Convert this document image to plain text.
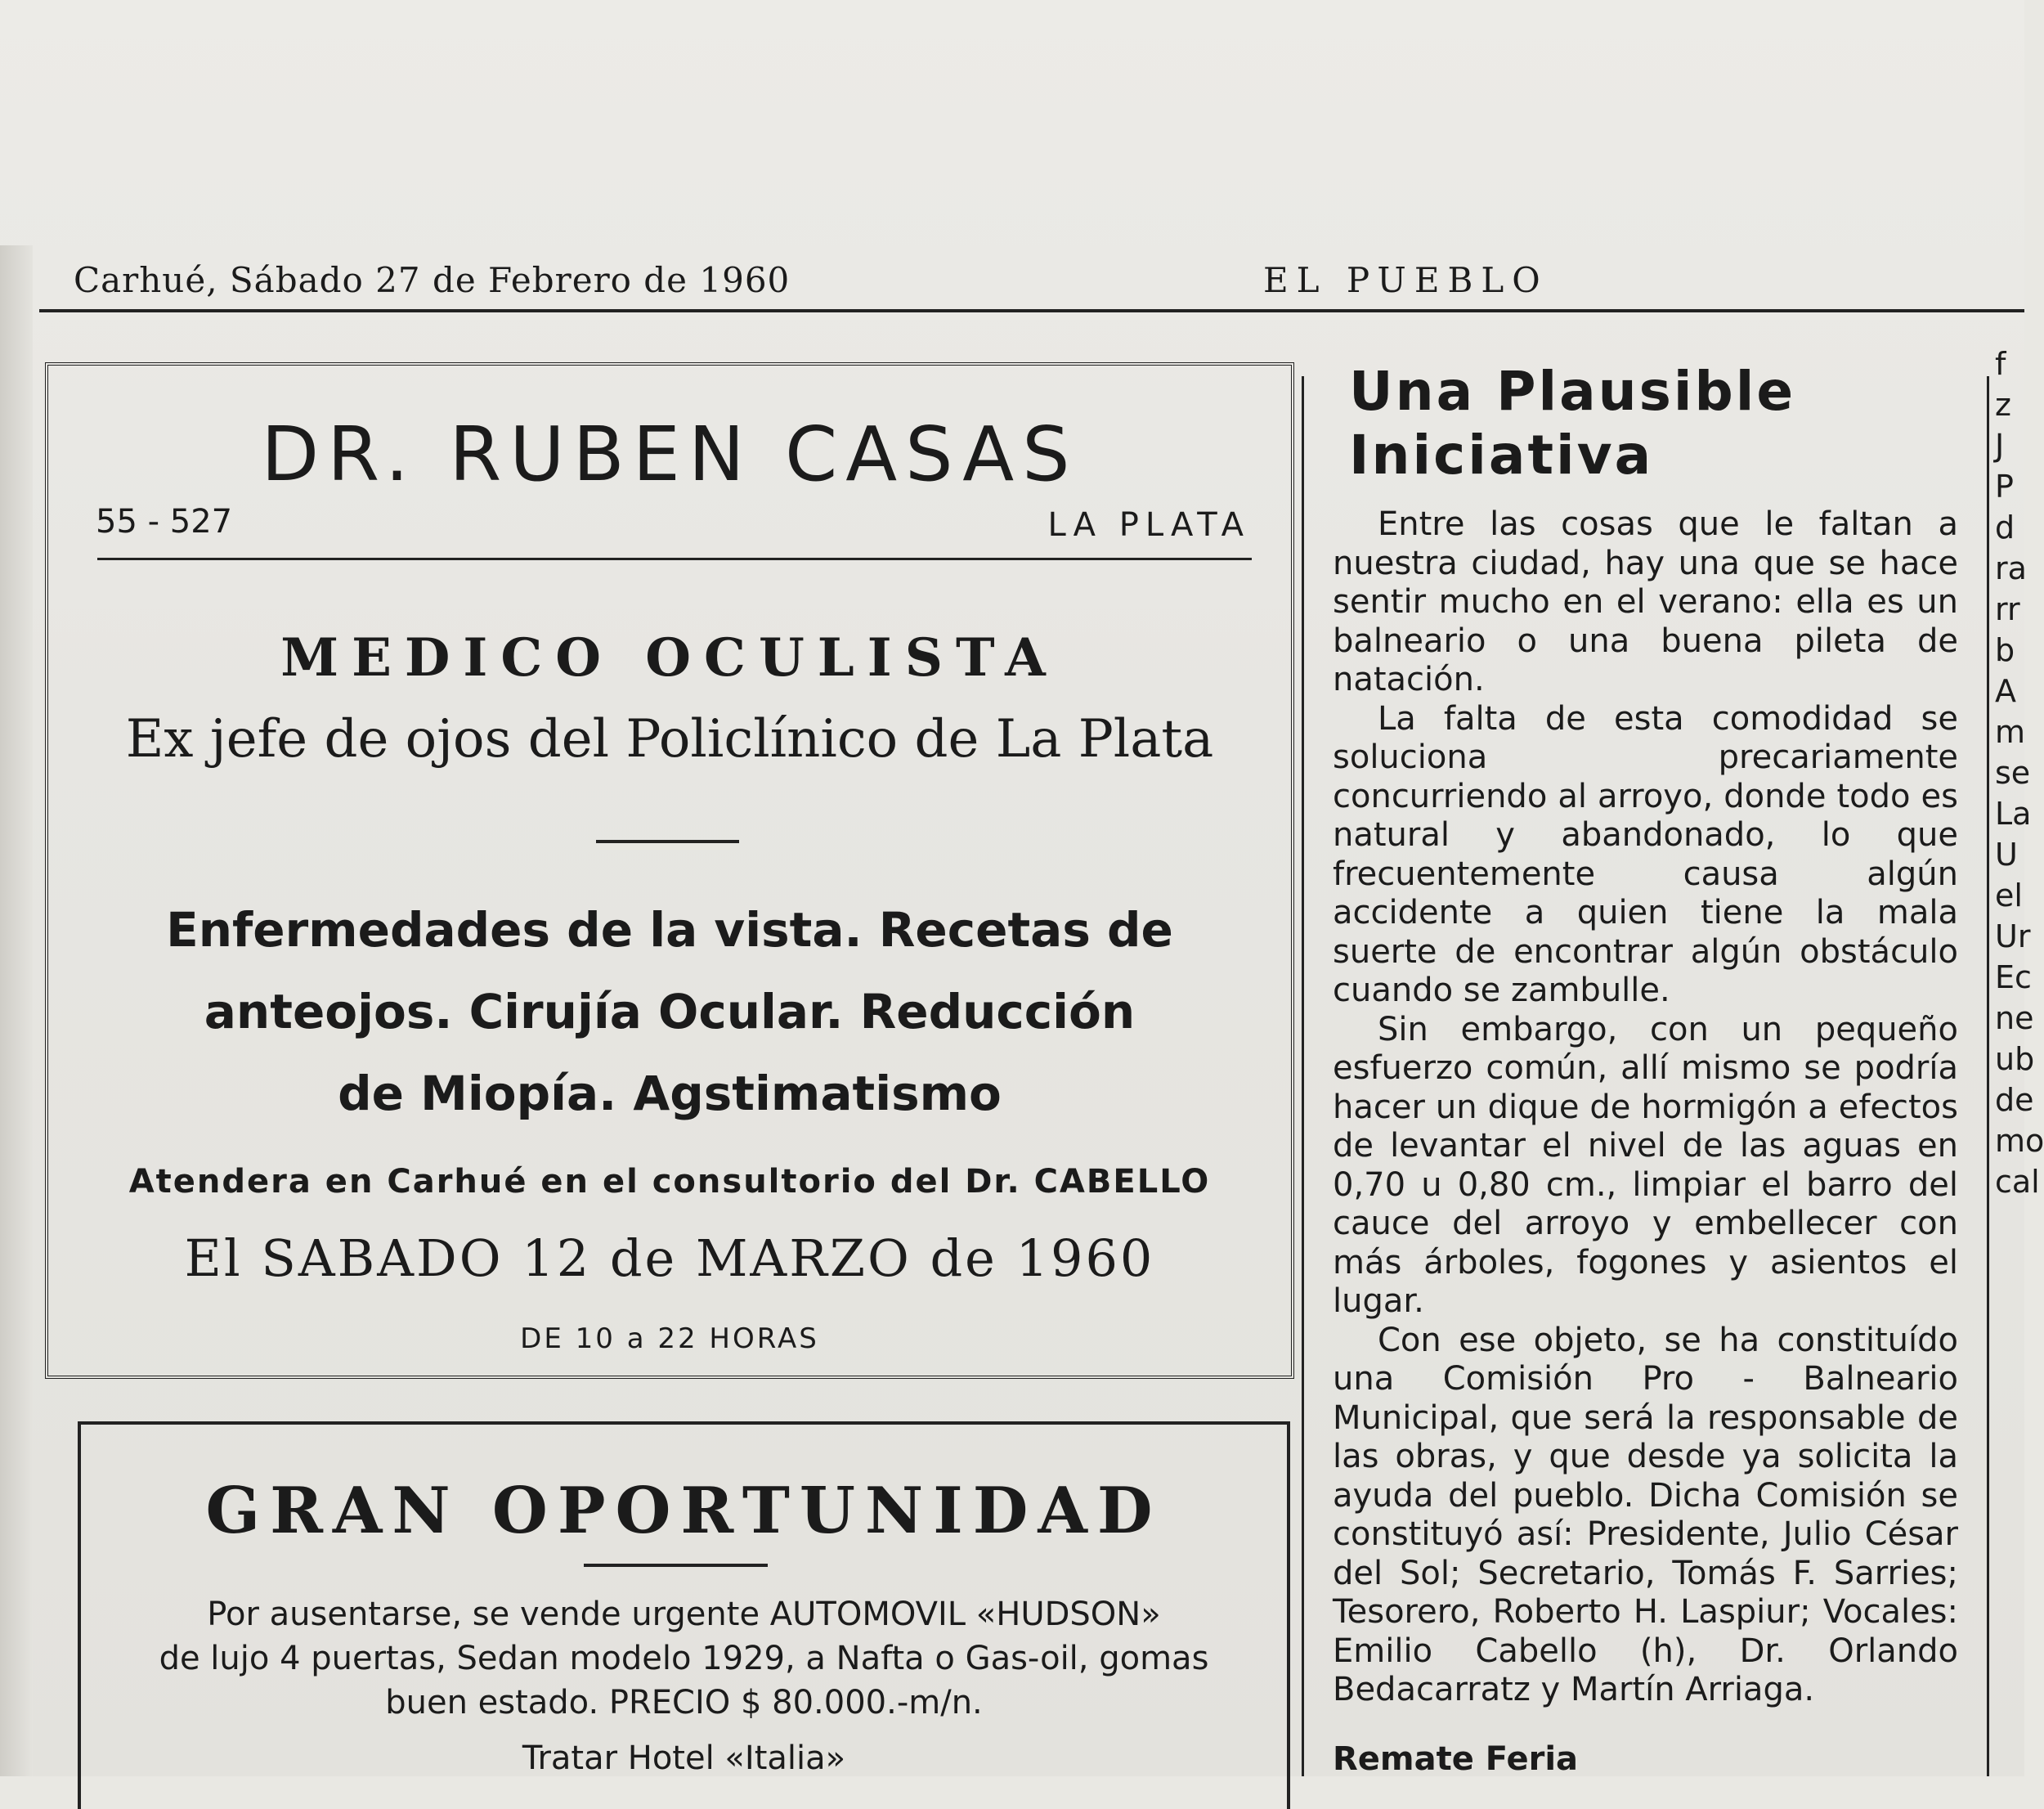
Carhué, Sábado 27 de Febrero de 1960	EL PUEBLO
DR. RUBEN CASAS
55 - 527	LA PLATA
MEDICO OCULISTA
Ex jefe de ojos del Policlínico de La Plata
Enfermedades de la vista. Recetas de
anteojos. Cirujía Ocular. Reducción
de Miopía. Agstimatismo
Atendera en Carhué en el consultorio del Dr. CABELLO
El SABADO 12 de MARZO de 1960
DE 10 a 22 HORAS
GRAN OPORTUNIDAD
Por ausentarse, se vende urgente AUTOMOVIL «HUDSON»
de lujo 4 puertas, Sedan modelo 1929, a Nafta o Gas-oil, gomas
buen estado. PRECIO $ 80.000.-m/n.
Tratar Hotel «Italia»
Una Plausible
Iniciativa

Entre las cosas que le faltan a nuestra ciudad, hay una que se hace sentir mucho en el verano: ella es un balneario o una buena pileta de natación.

La falta de esta comodidad se soluciona precariamente concurriendo al arroyo, donde todo es natural y abandonado, lo que frecuentemente causa algún accidente a quien tiene la mala suerte de encontrar algún obstáculo cuando se zambulle.

Sin embargo, con un pequeño esfuerzo común, allí mismo se podría hacer un dique de hormigón a efectos de levantar el nivel de las aguas en 0,70 u 0,80 cm., limpiar el barro del cauce del arroyo y embellecer con más árboles, fogones y asientos el lugar.

Con ese objeto, se ha constituído una Comisión Pro - Balneario Municipal, que será la responsable de las obras, y que desde ya solicita la ayuda del pueblo. Dicha Comisión se constituyó así: Presidente, Julio César del Sol; Secretario, Tomás F. Sarries; Tesorero, Roberto H. Laspiur; Vocales: Emilio Cabello (h), Dr. Orlando Bedacarratz y Martín Arriaga.

Remate Feria
f
z
J
P
d
ra
rr
b
A
m
se
La
U
el
Ur
Ec
ne
ub
de
mo
cal
